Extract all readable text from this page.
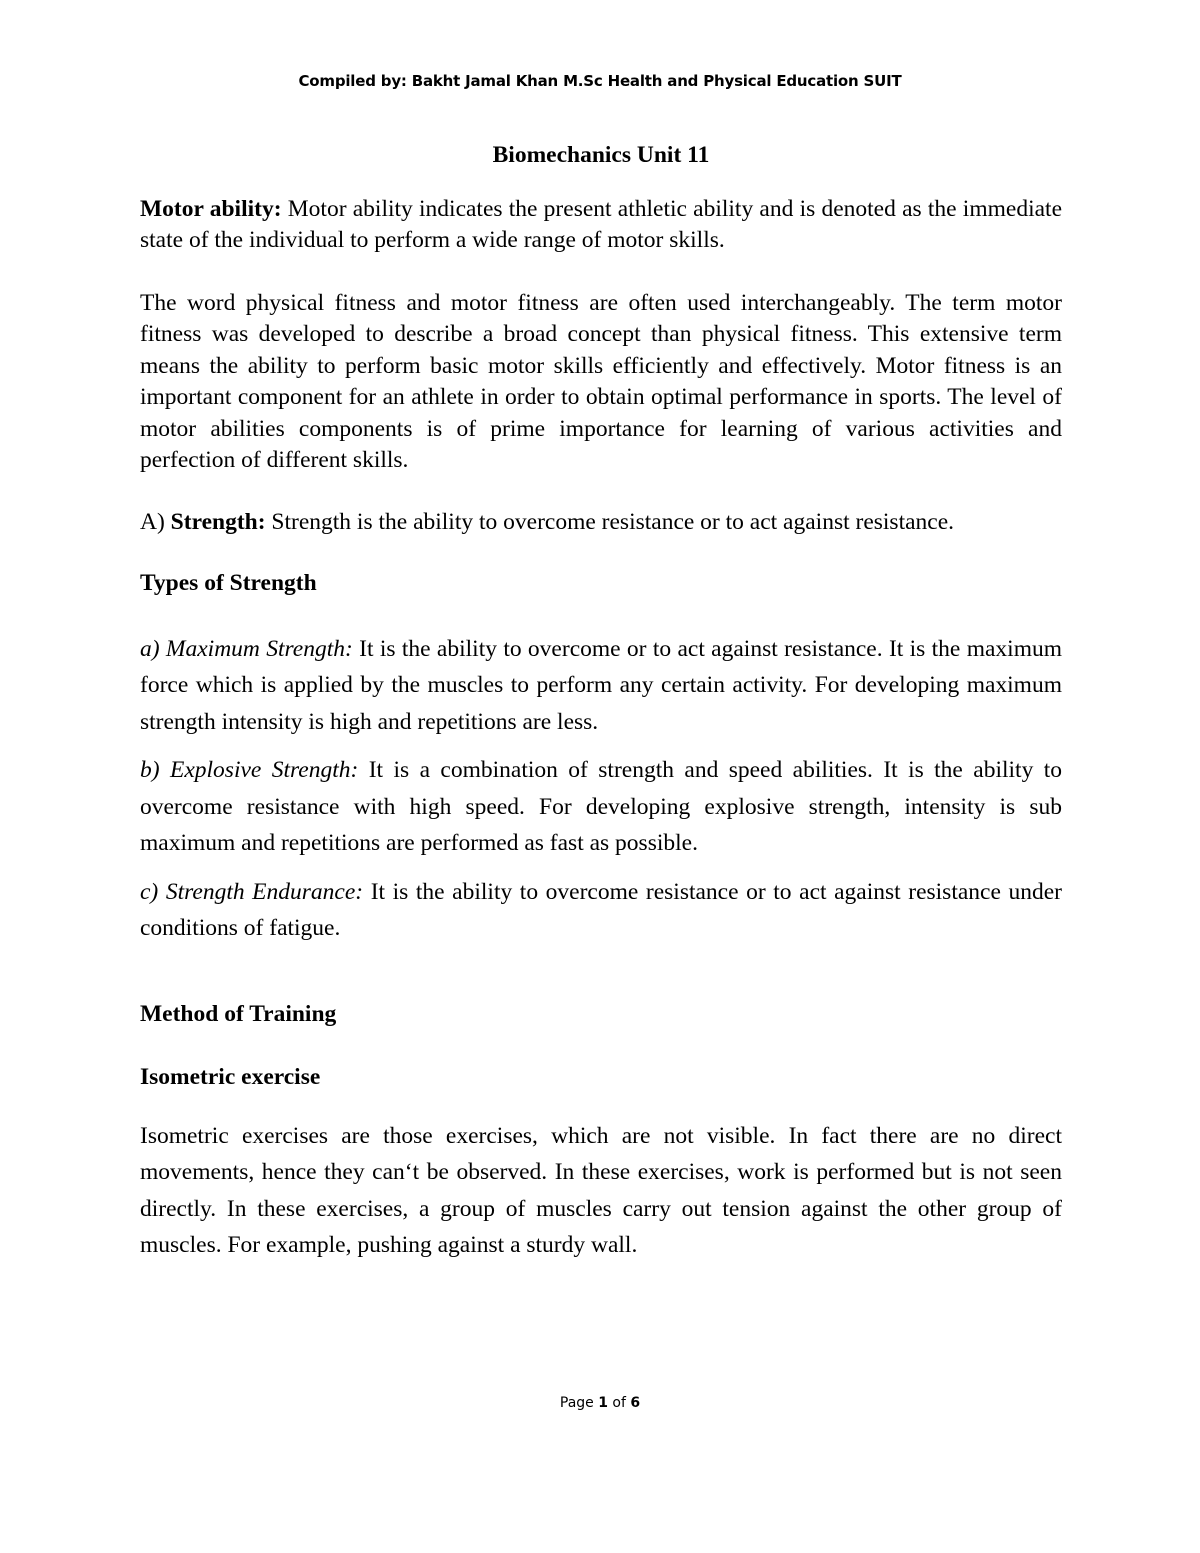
Compiled by: Bakht Jamal Khan M.Sc Health and Physical Education SUIT
Biomechanics Unit 11

Motor ability: Motor ability indicates the present athletic ability and is denoted as the immediate state of the individual to perform a wide range of motor skills.

The word physical fitness and motor fitness are often used interchangeably. The term motor fitness was developed to describe a broad concept than physical fitness. This extensive term means the ability to perform basic motor skills efficiently and effectively. Motor fitness is an important component for an athlete in order to obtain optimal performance in sports. The level of motor abilities components is of prime importance for learning of various activities and perfection of different skills.

A) Strength: Strength is the ability to overcome resistance or to act against resistance.

Types of Strength

a) Maximum Strength: It is the ability to overcome or to act against resistance. It is the maximum force which is applied by the muscles to perform any certain activity. For developing maximum strength intensity is high and repetitions are less.

b) Explosive Strength: It is a combination of strength and speed abilities. It is the ability to overcome resistance with high speed. For developing explosive strength, intensity is sub maximum and repetitions are performed as fast as possible.

c) Strength Endurance: It is the ability to overcome resistance or to act against resistance under conditions of fatigue.

Method of Training

Isometric exercise

Isometric exercises are those exercises, which are not visible. In fact there are no direct movements, hence they can‘t be observed. In these exercises, work is performed but is not seen directly. In these exercises, a group of muscles carry out tension against the other group of muscles. For example, pushing against a sturdy wall.

Page 1 of 6
